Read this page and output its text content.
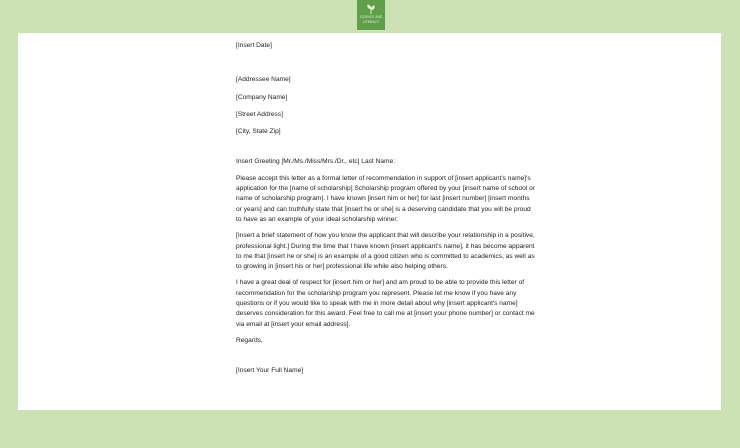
SCIENCE AND
LITERACY

[Insert Date]

[Addressee Name]

[Company Name]

[Street Address]

[City, State Zip]

Insert Greeting [Mr./Ms./Miss/Mrs./Dr., etc] Last Name:

Please accept this letter as a formal letter of recommendation in support of [insert applicant's name]'s
application for the [name of scholarship] Scholarship program offered by your [insert name of school or
name of scholarship program]. I have known [insert him or her] for last [insert number] [insert months
or years] and can truthfully state that [insert he or she] is a deserving candidate that you will be proud
to have as an example of your ideal scholarship winner.

[Insert a brief statement of how you know the applicant that will describe your relationship in a positive,
professional light.] During the time that I have known [insert applicant's name], it has become apparent
to me that [insert he or she] is an example of a good citizen who is committed to academics, as well as
to growing in [insert his or her] professional life while also helping others.

I have a great deal of respect for [insert him or her] and am proud to be able to provide this letter of
recommendation for the scholarship program you represent. Please let me know if you have any
questions or if you would like to speak with me in more detail about why [insert applicant's name]
deserves consideration for this award. Feel free to call me at [insert your phone number] or contact me
via email at [insert your email address].

Regards,

[Insert Your Full Name]
